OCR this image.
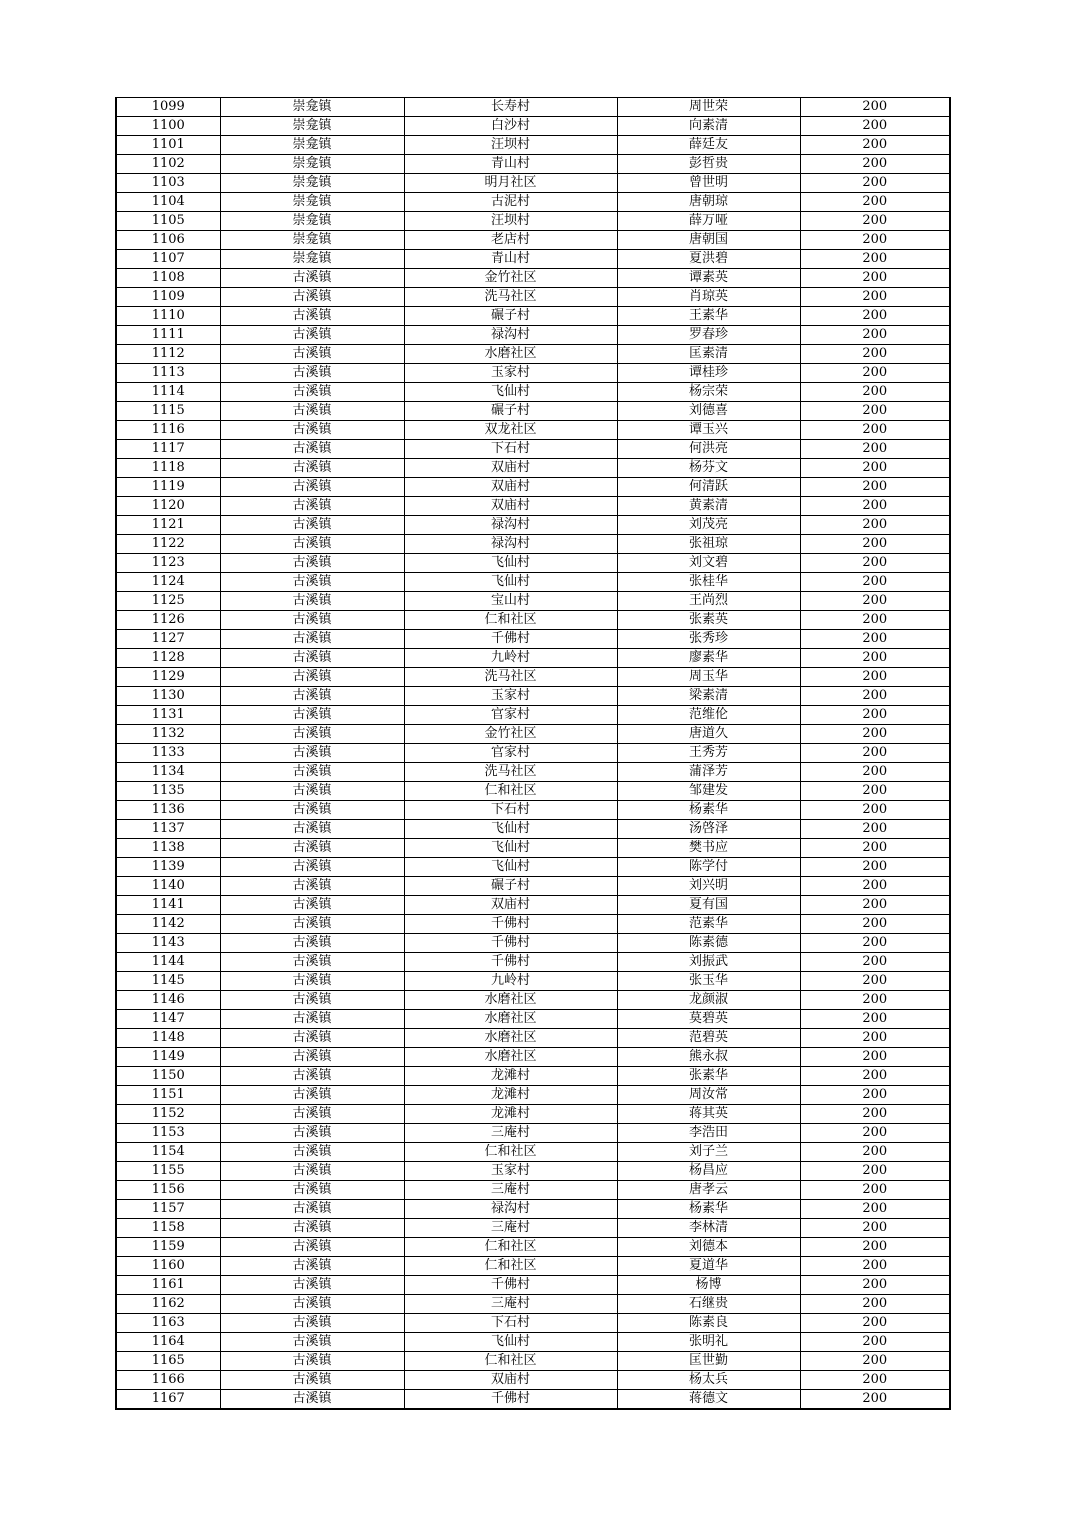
1099	崇龛镇	长寿村	周世荣	200
1100	崇龛镇	白沙村	向素清	200
1101	崇龛镇	汪坝村	薛廷友	200
1102	崇龛镇	青山村	彭哲贵	200
1103	崇龛镇	明月社区	曾世明	200
1104	崇龛镇	古泥村	唐朝琼	200
1105	崇龛镇	汪坝村	薛万哑	200
1106	崇龛镇	老店村	唐朝国	200
1107	崇龛镇	青山村	夏洪碧	200
1108	古溪镇	金竹社区	谭素英	200
1109	古溪镇	洗马社区	肖琼英	200
1110	古溪镇	碾子村	王素华	200
1111	古溪镇	禄沟村	罗春珍	200
1112	古溪镇	水磨社区	匡素清	200
1113	古溪镇	玉家村	谭桂珍	200
1114	古溪镇	飞仙村	杨宗荣	200
1115	古溪镇	碾子村	刘德喜	200
1116	古溪镇	双龙社区	谭玉兴	200
1117	古溪镇	下石村	何洪亮	200
1118	古溪镇	双庙村	杨芬文	200
1119	古溪镇	双庙村	何清跃	200
1120	古溪镇	双庙村	黄素清	200
1121	古溪镇	禄沟村	刘茂亮	200
1122	古溪镇	禄沟村	张祖琼	200
1123	古溪镇	飞仙村	刘文碧	200
1124	古溪镇	飞仙村	张桂华	200
1125	古溪镇	宝山村	王尚烈	200
1126	古溪镇	仁和社区	张素英	200
1127	古溪镇	千佛村	张秀珍	200
1128	古溪镇	九岭村	廖素华	200
1129	古溪镇	洗马社区	周玉华	200
1130	古溪镇	玉家村	梁素清	200
1131	古溪镇	官家村	范维伦	200
1132	古溪镇	金竹社区	唐道久	200
1133	古溪镇	官家村	王秀芳	200
1134	古溪镇	洗马社区	蒲泽芳	200
1135	古溪镇	仁和社区	邹建发	200
1136	古溪镇	下石村	杨素华	200
1137	古溪镇	飞仙村	汤啓泽	200
1138	古溪镇	飞仙村	樊书应	200
1139	古溪镇	飞仙村	陈学付	200
1140	古溪镇	碾子村	刘兴明	200
1141	古溪镇	双庙村	夏有国	200
1142	古溪镇	千佛村	范素华	200
1143	古溪镇	千佛村	陈素德	200
1144	古溪镇	千佛村	刘振武	200
1145	古溪镇	九岭村	张玉华	200
1146	古溪镇	水磨社区	龙颜淑	200
1147	古溪镇	水磨社区	莫碧英	200
1148	古溪镇	水磨社区	范碧英	200
1149	古溪镇	水磨社区	熊永叔	200
1150	古溪镇	龙滩村	张素华	200
1151	古溪镇	龙滩村	周汝常	200
1152	古溪镇	龙滩村	蒋其英	200
1153	古溪镇	三庵村	李浩田	200
1154	古溪镇	仁和社区	刘子兰	200
1155	古溪镇	玉家村	杨昌应	200
1156	古溪镇	三庵村	唐孝云	200
1157	古溪镇	禄沟村	杨素华	200
1158	古溪镇	三庵村	李林清	200
1159	古溪镇	仁和社区	刘德本	200
1160	古溪镇	仁和社区	夏道华	200
1161	古溪镇	千佛村	杨博	200
1162	古溪镇	三庵村	石继贵	200
1163	古溪镇	下石村	陈素良	200
1164	古溪镇	飞仙村	张明礼	200
1165	古溪镇	仁和社区	匡世勤	200
1166	古溪镇	双庙村	杨太兵	200
1167	古溪镇	千佛村	蒋德文	200
